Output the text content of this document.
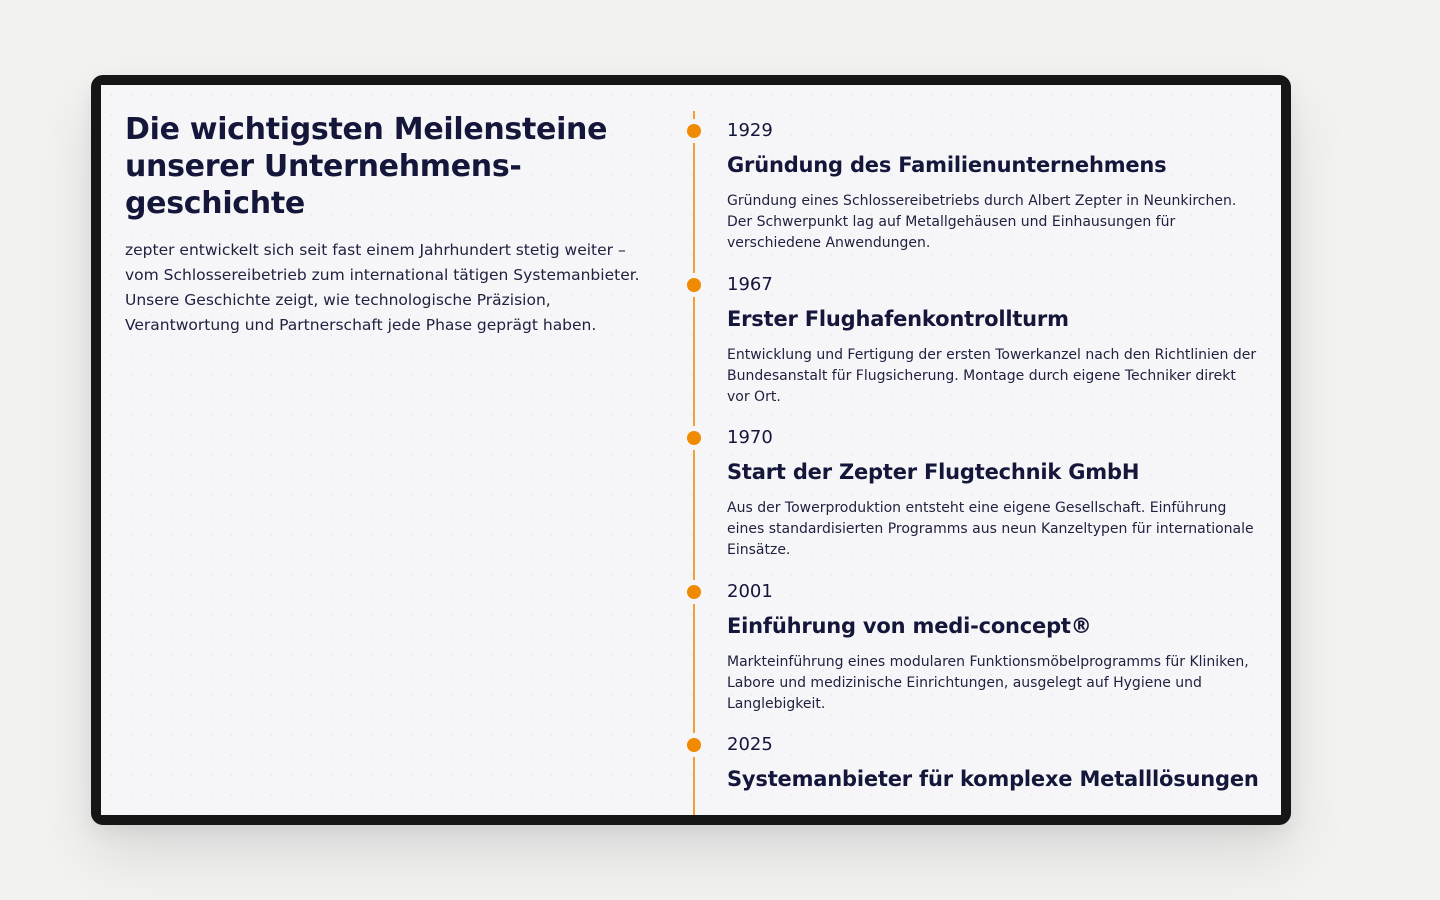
Die wichtigsten Meilensteine unserer Unternehmens-
geschichte

zepter entwickelt sich seit fast einem Jahrhundert stetig weiter – vom Schlossereibetrieb zum international tätigen Systemanbieter. Unsere Geschichte zeigt, wie technologische Präzision, Verantwortung und Partnerschaft jede Phase geprägt haben.

1929
Gründung des Familienunternehmens
Gründung eines Schlossereibetriebs durch Albert Zepter in Neunkirchen. Der Schwerpunkt lag auf Metallgehäusen und Einhausungen für verschiedene Anwendungen.
1967
Erster Flughafenkontrollturm
Entwicklung und Fertigung der ersten Towerkanzel nach den Richtlinien der Bundesanstalt für Flugsicherung. Montage durch eigene Techniker direkt vor Ort.
1970
Start der Zepter Flugtechnik GmbH
Aus der Towerproduktion entsteht eine eigene Gesellschaft. Einführung eines standardisierten Programms aus neun Kanzeltypen für internationale Einsätze.
2001
Einführung von medi-concept®
Markteinführung eines modularen Funktionsmöbelprogramms für Kliniken, Labore und medizinische Einrichtungen, ausgelegt auf Hygiene und Langlebigkeit.
2025
Systemanbieter für komplexe Metalllösungen
